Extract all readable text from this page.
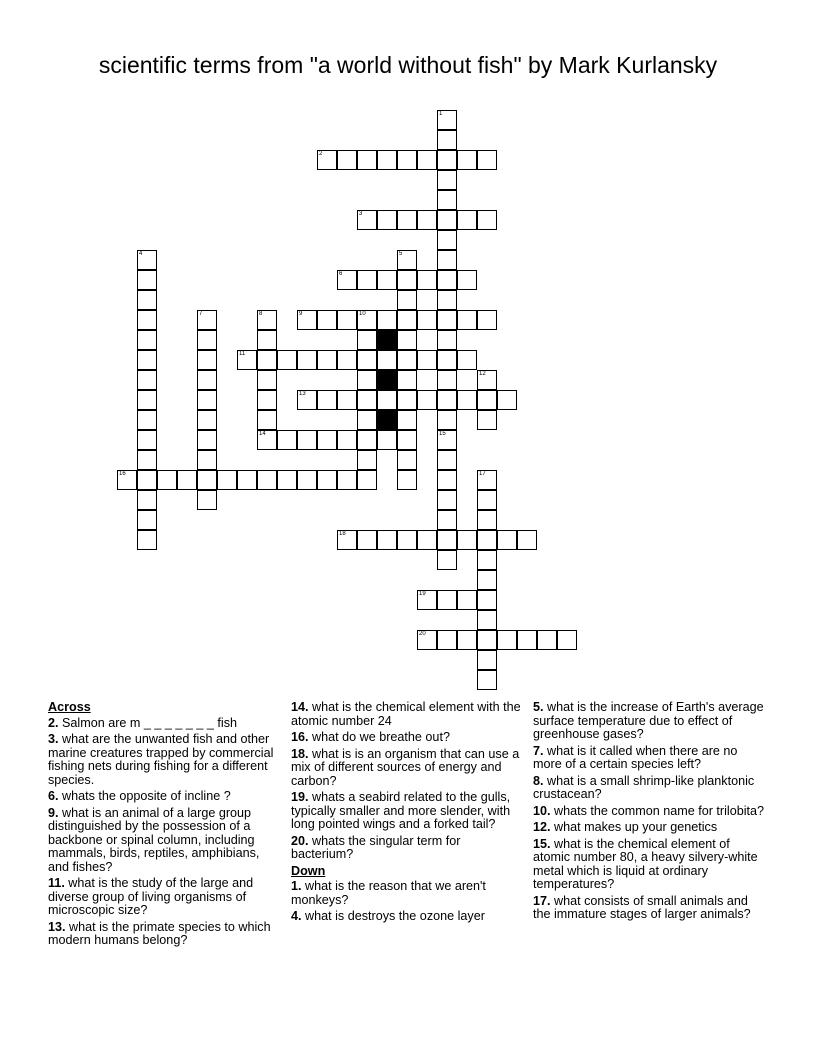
scientific terms from "a world without fish" by Mark Kurlansky
1
15
2
3
4	5
6
7	8	9	10
11
12
13
14
16	17
18
19
20
Across
2. Salmon are m _ _ _ _ _ _ _ fish
3. what are the unwanted fish and other marine creatures trapped by commercial fishing nets during fishing for a different species.
6. whats the opposite of incline ?
9. what is an animal of a large group distinguished by the possession of a backbone or spinal column, including mammals, birds, reptiles, amphibians, and fishes?
11. what is the study of the large and diverse group of living organisms of microscopic size?
13. what is the primate species to which modern humans belong?
14. what is the chemical element with the atomic number 24
16. what do we breathe out?
18. what is is an organism that can use a mix of different sources of energy and carbon?
19. whats a seabird related to the gulls, typically smaller and more slender, with long pointed wings and a forked tail?
20. whats the singular term for bacterium?
Down
1. what is the reason that we aren't monkeys?
4. what is destroys the ozone layer
5. what is the increase of Earth's average surface temperature due to effect of greenhouse gases?
7. what is it called when there are no more of a certain species left?
8. what is a small shrimp-like planktonic crustacean?
10. whats the common name for trilobita?
12. what makes up your genetics
15. what is the chemical element of atomic number 80, a heavy silvery-white metal which is liquid at ordinary temperatures?
17. what consists of small animals and the immature stages of larger animals?
